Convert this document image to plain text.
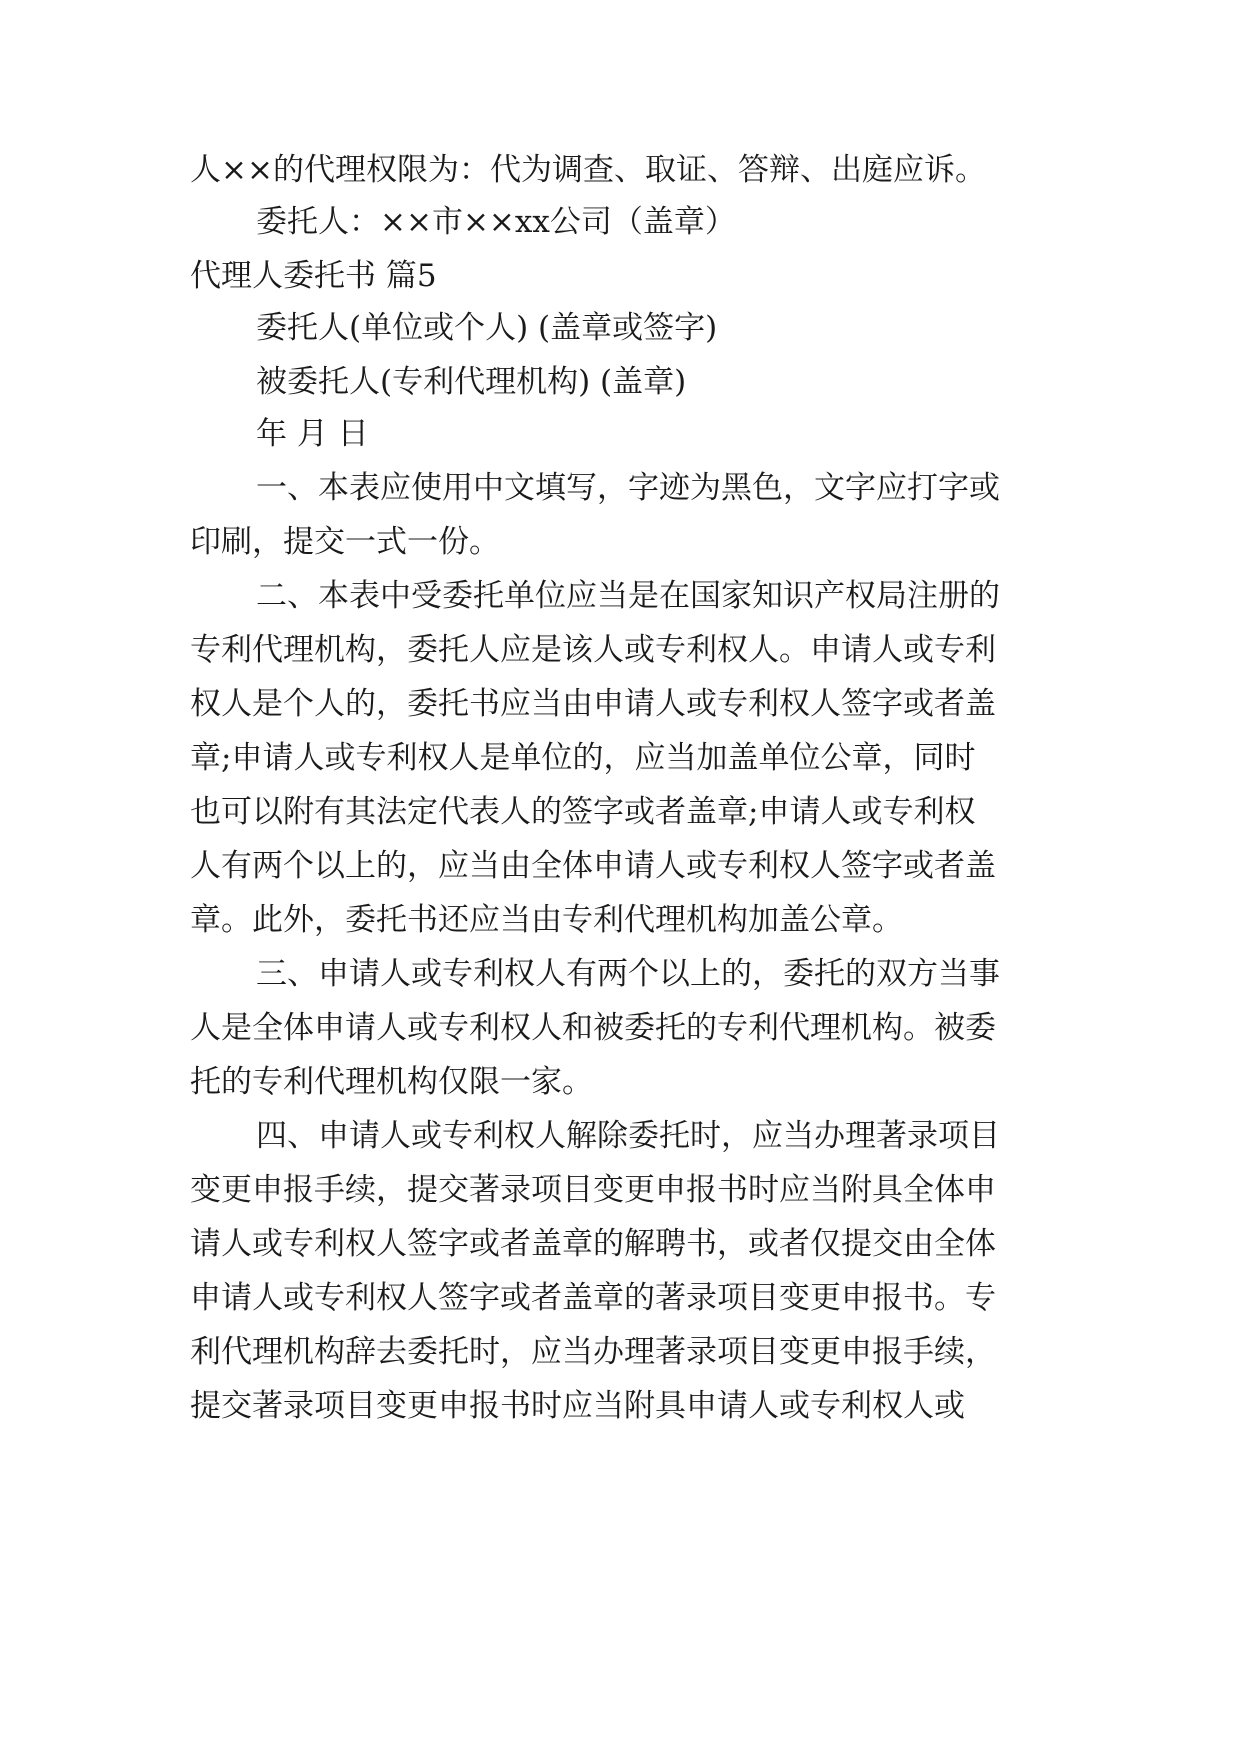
人××的代理权限为：代为调查、取证、答辩、出庭应诉。
委托人：××市××xx公司（盖章）
代理人委托书 篇5
委托人(单位或个人) (盖章或签字)
被委托人(专利代理机构) (盖章)
年 月 日
一、本表应使用中文填写，字迹为黑色，文字应打字或
印刷，提交一式一份。
二、本表中受委托单位应当是在国家知识产权局注册的
专利代理机构，委托人应是该人或专利权人。申请人或专利
权人是个人的，委托书应当由申请人或专利权人签字或者盖
章;申请人或专利权人是单位的，应当加盖单位公章，同时
也可以附有其法定代表人的签字或者盖章;申请人或专利权
人有两个以上的，应当由全体申请人或专利权人签字或者盖
章。此外，委托书还应当由专利代理机构加盖公章。
三、申请人或专利权人有两个以上的，委托的双方当事
人是全体申请人或专利权人和被委托的专利代理机构。被委
托的专利代理机构仅限一家。
四、申请人或专利权人解除委托时，应当办理著录项目
变更申报手续，提交著录项目变更申报书时应当附具全体申
请人或专利权人签字或者盖章的解聘书，或者仅提交由全体
申请人或专利权人签字或者盖章的著录项目变更申报书。专
利代理机构辞去委托时，应当办理著录项目变更申报手续，
提交著录项目变更申报书时应当附具申请人或专利权人或
